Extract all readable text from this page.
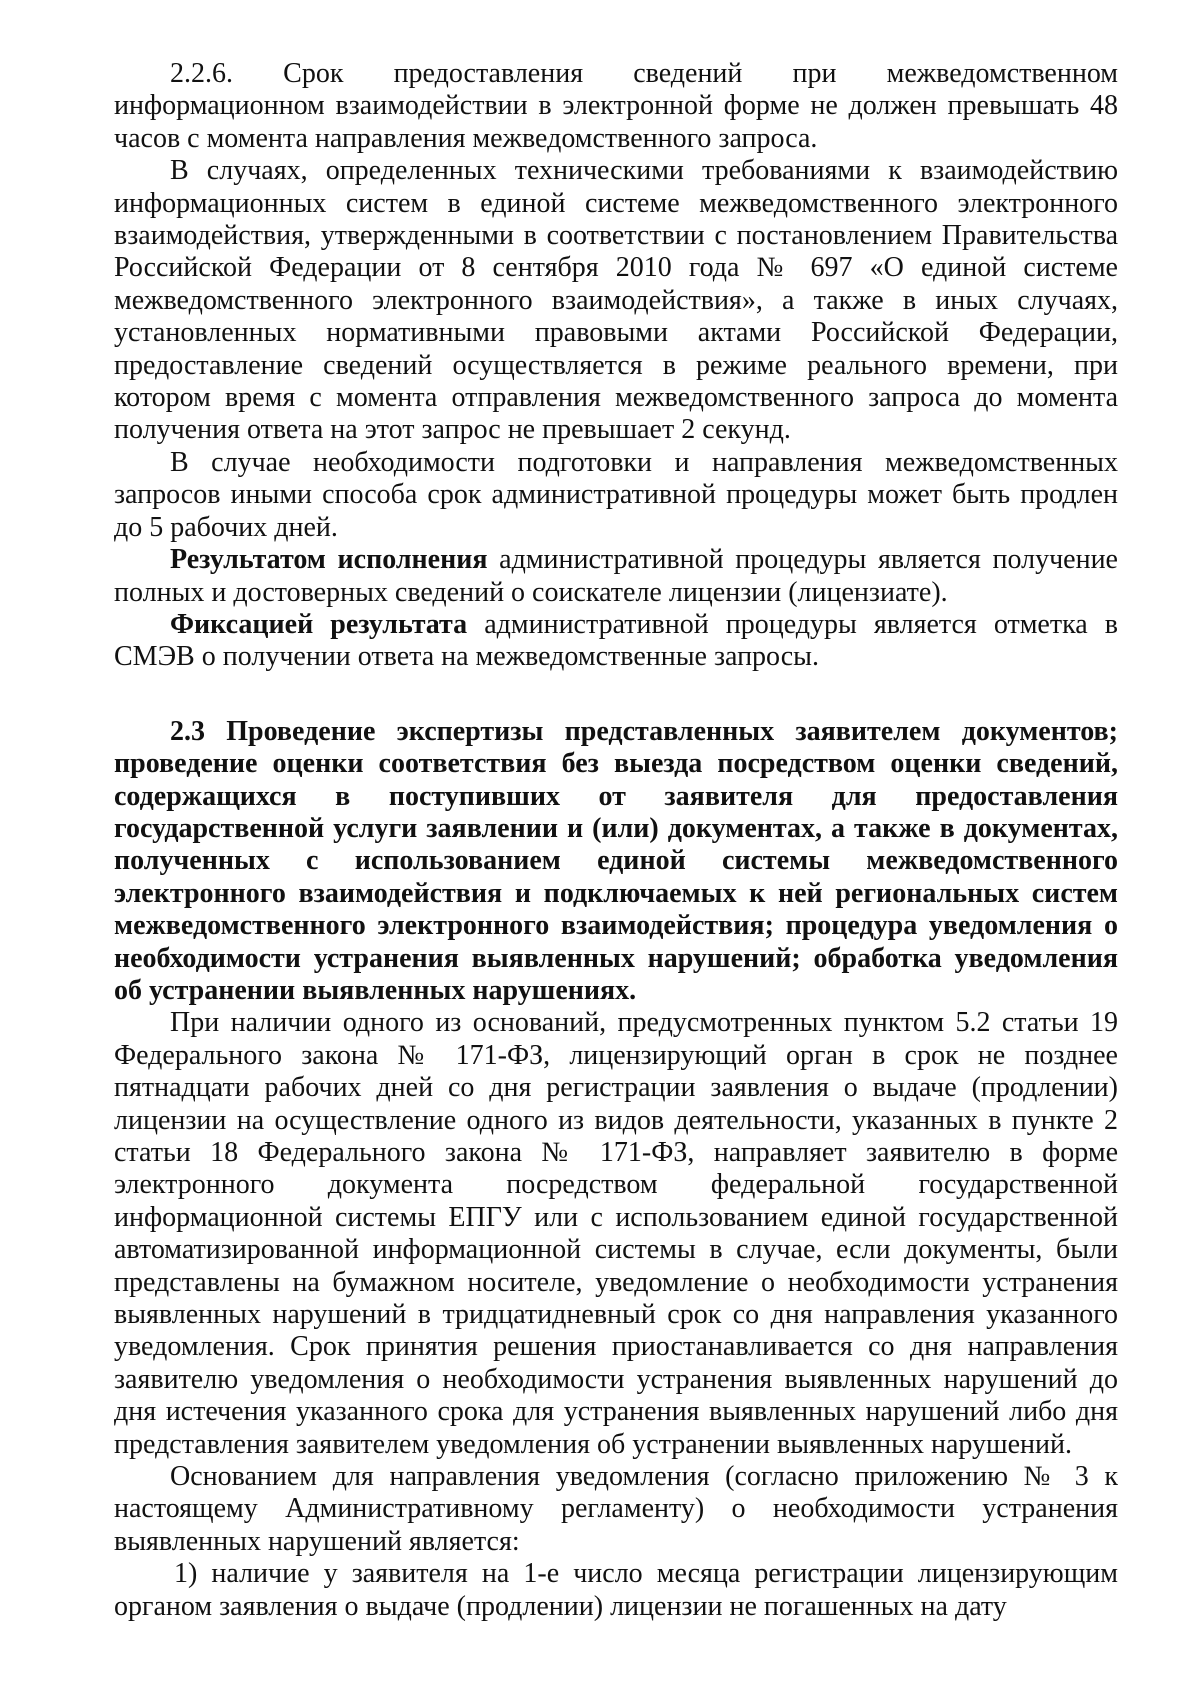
2.2.6. Срок предоставления сведений при межведомственном информационном взаимодействии в электронной форме не должен превышать 48 часов с момента направления межведомственного запроса.

В случаях, определенных техническими требованиями к взаимодействию информационных систем в единой системе межведомственного электронного взаимодействия, утвержденными в соответствии с постановлением Правительства Российской Федерации от 8 сентября 2010 года № 697 «О единой системе межведомственного электронного взаимодействия», а также в иных случаях, установленных нормативными правовыми актами Российской Федерации, предоставление сведений осуществляется в режиме реального времени, при котором время с момента отправления межведомственного запроса до момента получения ответа на этот запрос не превышает 2 секунд.

В случае необходимости подготовки и направления межведомственных запросов иными способа срок административной процедуры может быть продлен до 5 рабочих дней.

Результатом исполнения административной процедуры является получение полных и достоверных сведений о соискателе лицензии (лицензиате).

Фиксацией результата административной процедуры является отметка в СМЭВ о получении ответа на межведомственные запросы.

2.3 Проведение экспертизы представленных заявителем документов; проведение оценки соответствия без выезда посредством оценки сведений, содержащихся в поступивших от заявителя для предоставления государственной услуги заявлении и (или) документах, а также в документах, полученных с использованием единой системы межведомственного электронного взаимодействия и подключаемых к ней региональных систем межведомственного электронного взаимодействия; процедура уведомления о необходимости устранения выявленных нарушений; обработка уведомления об устранении выявленных нарушениях.

При наличии одного из оснований, предусмотренных пунктом 5.2 статьи 19 Федерального закона № 171-ФЗ, лицензирующий орган в срок не позднее пятнадцати рабочих дней со дня регистрации заявления о выдаче (продлении) лицензии на осуществление одного из видов деятельности, указанных в пункте 2 статьи 18 Федерального закона № 171-ФЗ, направляет заявителю в форме электронного документа посредством федеральной государственной информационной системы ЕПГУ или с использованием единой государственной автоматизированной информационной системы в случае, если документы, были представлены на бумажном носителе, уведомление о необходимости устранения выявленных нарушений в тридцатидневный срок со дня направления указанного уведомления. Срок принятия решения приостанавливается со дня направления заявителю уведомления о необходимости устранения выявленных нарушений до дня истечения указанного срока для устранения выявленных нарушений либо дня представления заявителем уведомления об устранении выявленных нарушений.

Основанием для направления уведомления (согласно приложению № 3 к настоящему Административному регламенту) о необходимости устранения выявленных нарушений является:

1) наличие у заявителя на 1-е число месяца регистрации лицензирующим органом заявления о выдаче (продлении) лицензии не погашенных на дату
